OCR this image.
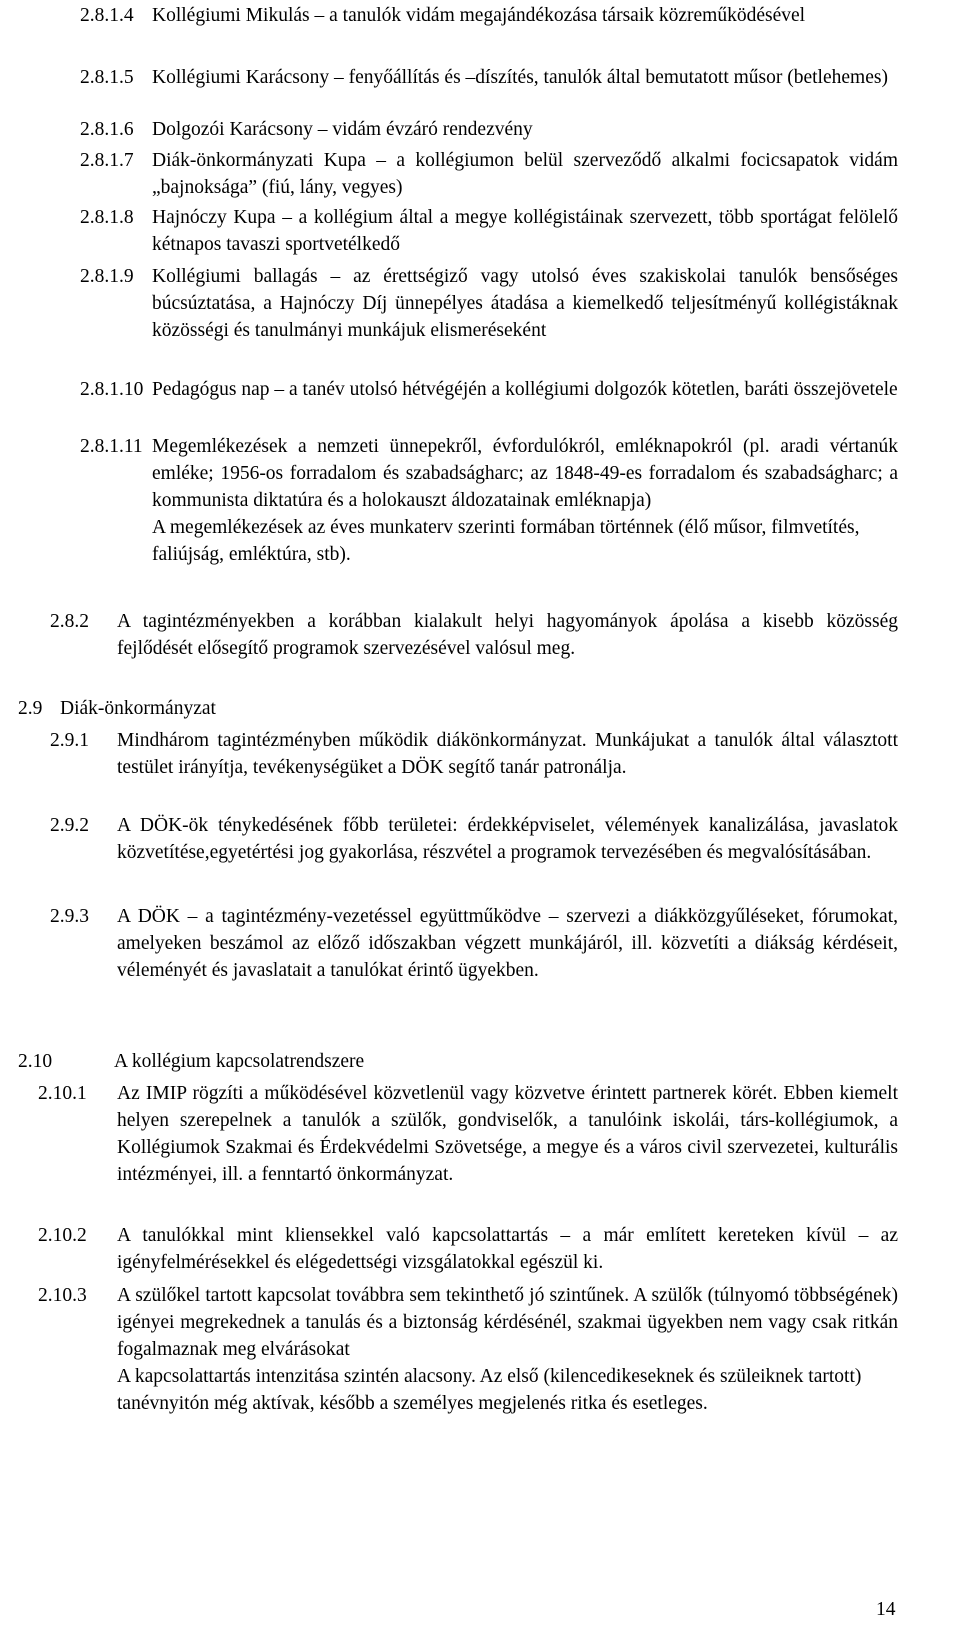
2.8.1.4 Kollégiumi Mikulás – a tanulók vidám megajándékozása társaik közreműködésével

2.8.1.5 Kollégiumi Karácsony – fenyőállítás és –díszítés, tanulók által bemutatott műsor (betlehemes)

2.8.1.6 Dolgozói Karácsony – vidám évzáró rendezvény

2.8.1.7 Diák-önkormányzati Kupa – a kollégiumon belül szerveződő alkalmi focicsapatok vidám „bajnoksága” (fiú, lány, vegyes)

2.8.1.8 Hajnóczy Kupa – a kollégium által a megye kollégistáinak szervezett, több sportágat felölelő kétnapos tavaszi sportvetélkedő

2.8.1.9 Kollégiumi ballagás – az érettségiző vagy utolsó éves szakiskolai tanulók bensőséges búcsúztatása, a Hajnóczy Díj ünnepélyes átadása a kiemelkedő teljesítményű kollégistáknak közösségi és tanulmányi munkájuk elismeréseként

2.8.1.10 Pedagógus nap – a tanév utolsó hétvégéjén a kollégiumi dolgozók kötetlen, baráti összejövetele

2.8.1.11 Megemlékezések a nemzeti ünnepekről, évfordulókról, emléknapokról (pl. aradi vértanúk emléke; 1956-os forradalom és szabadságharc; az 1848-49-es forradalom és szabadságharc; a kommunista diktatúra és a holokauszt áldozatainak emléknapja)

A megemlékezések az éves munkaterv szerinti formában történnek (élő műsor, filmvetítés, faliújság, emléktúra, stb).

2.8.2	A tagintézményekben a korábban kialakult helyi hagyományok ápolása a kisebb közösség fejlődését elősegítő programok szervezésével valósul meg.

2.9 Diák-önkormányzat

2.9.1	Mindhárom tagintézményben működik diákönkormányzat. Munkájukat a tanulók által választott testület irányítja, tevékenységüket a DÖK segítő tanár patronálja.

2.9.2	A DÖK-ök ténykedésének főbb területei: érdekképviselet, vélemények kanalizálása, javaslatok közvetítése,egyetértési jog gyakorlása, részvétel a programok tervezésében és megvalósításában.

2.9.3	A DÖK – a tagintézmény-vezetéssel együttműködve – szervezi a diákközgyűléseket, fórumokat, amelyeken beszámol az előző időszakban végzett munkájáról, ill. közvetíti a diákság kérdéseit, véleményét és javaslatait a tanulókat érintő ügyekben.

2.10	A kollégium kapcsolatrendszere

2.10.1	Az IMIP rögzíti a működésével közvetlenül vagy közvetve érintett partnerek körét. Ebben kiemelt helyen szerepelnek a tanulók a szülők, gondviselők, a tanulóink iskolái, társ-kollégiumok, a Kollégiumok Szakmai és Érdekvédelmi Szövetsége, a megye és a város civil szervezetei, kulturális intézményei, ill. a fenntartó önkormányzat.

2.10.2	A tanulókkal mint kliensekkel való kapcsolattartás – a már említett kereteken kívül – az igényfelmérésekkel és elégedettségi vizsgálatokkal egészül ki.

2.10.3	A szülőkel tartott kapcsolat továbbra sem tekinthető jó szintűnek. A szülők (túlnyomó többségének) igényei megrekednek a tanulás és a biztonság kérdésénél, szakmai ügyekben nem vagy csak ritkán fogalmaznak meg elvárásokat

A kapcsolattartás intenzitása szintén alacsony. Az első (kilencedikeseknek és szüleiknek tartott) tanévnyitón még aktívak, később a személyes megjelenés ritka és esetleges.

14
